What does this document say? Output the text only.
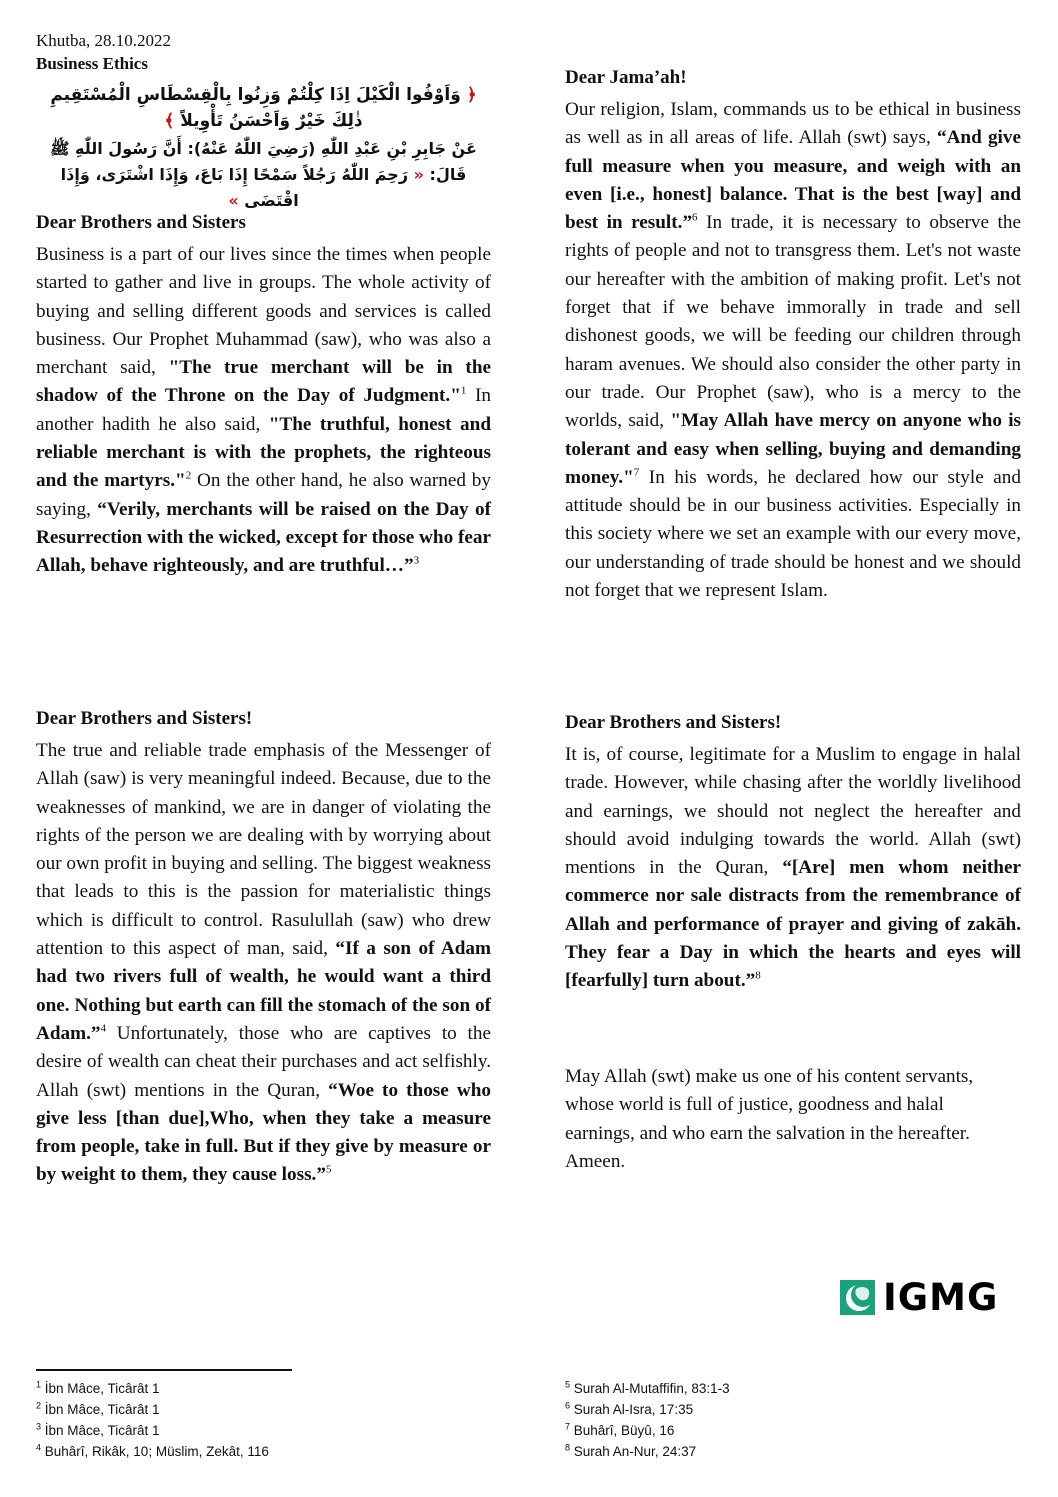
Khutba, 28.10.2022
Business Ethics
﴿ وَاَوْفُوا الْكَيْلَ اِذَا كِلْتُمْ وَزِنُوا بِالْقِسْطَاسِ الْمُسْتَقِيمِ ذٰلِكَ خَيْرٌ وَاَحْسَنُ تَأْوِيلاً ﴾
عَنْ جَابِرِ بْنِ عَبْدِ اللّٰهِ (رَضِيَ اللّٰهُ عَنْهُ): أَنَّ رَسُولَ اللّٰهِ ﷺ
قَالَ: « رَحِمَ اللّٰهُ رَجُلاً سَمْحًا إِذَا بَاعَ، وَإِذَا اشْتَرَى، وَإِذَا اقْتَضَى »
Dear Brothers and Sisters
Business is a part of our lives since the times when people started to gather and live in groups. The whole activity of buying and selling different goods and services is called business. Our Prophet Muhammad (saw), who was also a merchant said, "The true merchant will be in the shadow of the Throne on the Day of Judgment."$^1$ In another hadith he also said, "The truthful, honest and reliable merchant is with the prophets, the righteous and the martyrs."$^2$ On the other hand, he also warned by saying, “Verily, merchants will be raised on the Day of Resurrection with the wicked, except for those who fear Allah, behave righteously, and are truthful…”$^3$
Dear Brothers and Sisters!
The true and reliable trade emphasis of the Messenger of Allah (saw) is very meaningful indeed. Because, due to the weaknesses of mankind, we are in danger of violating the rights of the person we are dealing with by worrying about our own profit in buying and selling. The biggest weakness that leads to this is the passion for materialistic things which is difficult to control. Rasulullah (saw) who drew attention to this aspect of man, said, “If a son of Adam had two rivers full of wealth, he would want a third one. Nothing but earth can fill the stomach of the son of Adam.”$^4$ Unfortunately, those who are captives to the desire of wealth can cheat their purchases and act selfishly. Allah (swt) mentions in the Quran, “Woe to those who give less [than due],Who, when they take a measure from people, take in full. But if they give by measure or by weight to them, they cause loss.”$^5$
Dear Jama’ah!
Our religion, Islam, commands us to be ethical in business as well as in all areas of life. Allah (swt) says, “And give full measure when you measure, and weigh with an even [i.e., honest] balance. That is the best [way] and best in result.”$^6$ In trade, it is necessary to observe the rights of people and not to transgress them. Let's not waste our hereafter with the ambition of making profit. Let's not forget that if we behave immorally in trade and sell dishonest goods, we will be feeding our children through haram avenues. We should also consider the other party in our trade. Our Prophet (saw), who is a mercy to the worlds, said, "May Allah have mercy on anyone who is tolerant and easy when selling, buying and demanding money."$^7$ In his words, he declared how our style and attitude should be in our business activities. Especially in this society where we set an example with our every move, our understanding of trade should be honest and we should not forget that we represent Islam.
Dear Brothers and Sisters!
It is, of course, legitimate for a Muslim to engage in halal trade. However, while chasing after the worldly livelihood and earnings, we should not neglect the hereafter and should avoid indulging towards the world. Allah (swt) mentions in the Quran, “[Are] men whom neither commerce nor sale distracts from the remembrance of Allah and performance of prayer and giving of zakāh. They fear a Day in which the hearts and eyes will [fearfully] turn about.”$^8$
May Allah (swt) make us one of his content servants, whose world is full of justice, goodness and halal earnings, and who earn the salvation in the hereafter. Ameen.
IGMG
$^1$ İbn Mâce, Ticârât 1
$^2$ İbn Mâce, Ticârât 1
$^3$ İbn Mâce, Ticârât 1
$^4$ Buhârî, Rikâk, 10; Müslim, Zekât, 116
$^5$ Surah Al-Mutaffifin, 83:1-3
$^6$ Surah Al-Isra, 17:35
$^7$ Buhârî, Büyû, 16
$^8$ Surah An-Nur, 24:37
